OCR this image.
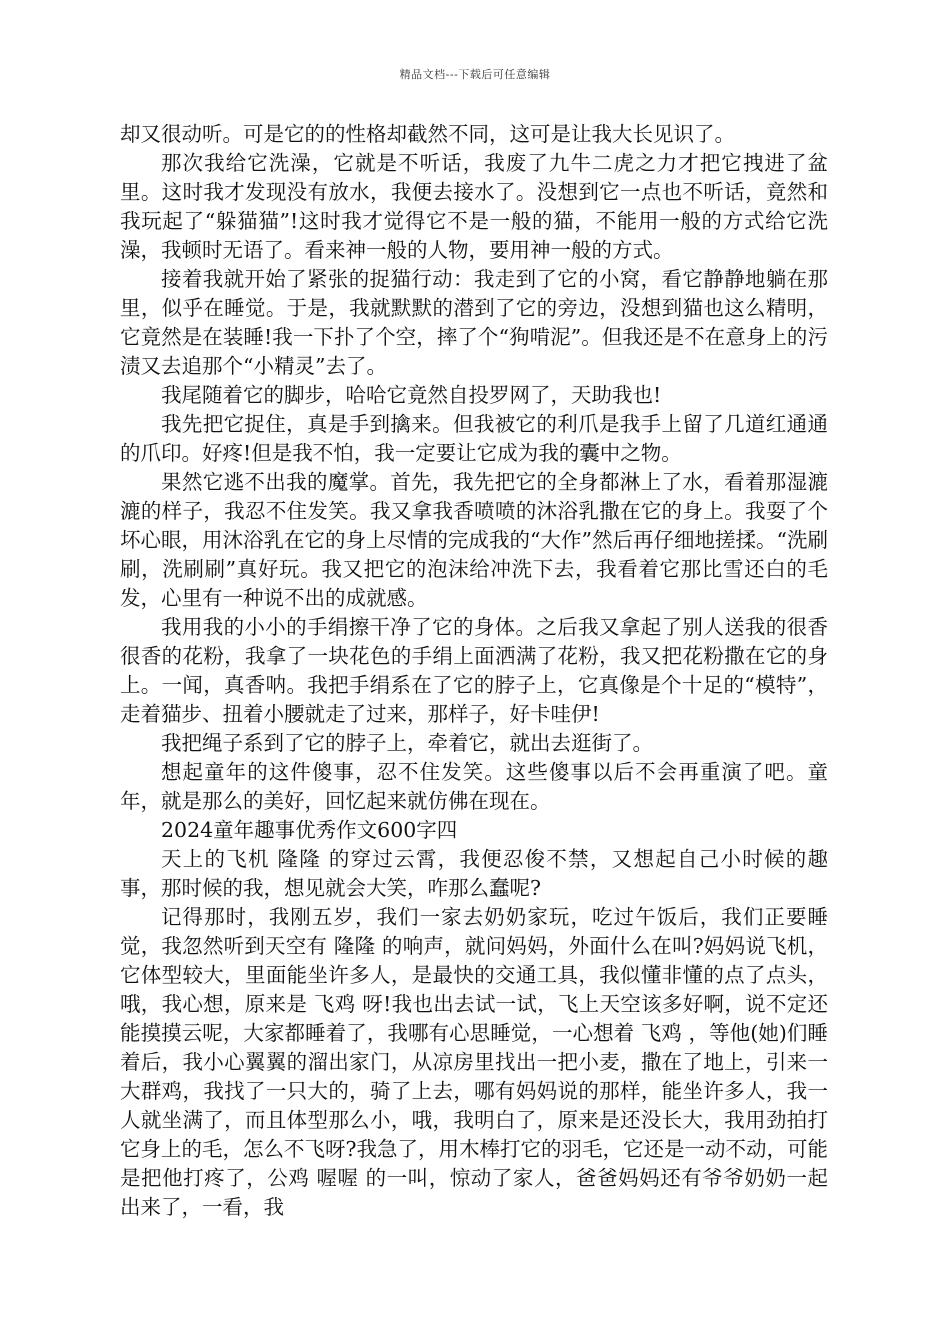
精品文档---下载后可任意编辑

却又很动听。可是它的的性格却截然不同，这可是让我大长见识了。

那次我给它洗澡，它就是不听话，我废了九牛二虎之力才把它拽进了盆里。这时我才发现没有放水，我便去接水了。没想到它一点也不听话，竟然和我玩起了“躲猫猫”!这时我才觉得它不是一般的猫，不能用一般的方式给它洗澡，我顿时无语了。看来神一般的人物，要用神一般的方式。

接着我就开始了紧张的捉猫行动：我走到了它的小窝，看它静静地躺在那里，似乎在睡觉。于是，我就默默的潜到了它的旁边，没想到猫也这么精明，它竟然是在装睡!我一下扑了个空，摔了个“狗啃泥”。但我还是不在意身上的污渍又去追那个“小精灵”去了。

我尾随着它的脚步，哈哈它竟然自投罗网了，天助我也!

我先把它捉住，真是手到擒来。但我被它的利爪是我手上留了几道红通通的爪印。好疼!但是我不怕，我一定要让它成为我的囊中之物。

果然它逃不出我的魔掌。首先，我先把它的全身都淋上了水，看着那湿漉漉的样子，我忍不住发笑。我又拿我香喷喷的沐浴乳撒在它的身上。我耍了个坏心眼，用沐浴乳在它的身上尽情的完成我的“大作”然后再仔细地搓揉。“洗刷刷，洗刷刷”真好玩。我又把它的泡沫给冲洗下去，我看着它那比雪还白的毛发，心里有一种说不出的成就感。

我用我的小小的手绢擦干净了它的身体。之后我又拿起了别人送我的很香很香的花粉，我拿了一块花色的手绢上面洒满了花粉，我又把花粉撒在它的身上。一闻，真香呐。我把手绢系在了它的脖子上，它真像是个十足的“模特”，走着猫步、扭着小腰就走了过来，那样子，好卡哇伊!

我把绳子系到了它的脖子上，牵着它，就出去逛街了。

想起童年的这件傻事，忍不住发笑。这些傻事以后不会再重演了吧。童年，就是那么的美好，回忆起来就仿佛在现在。

2024童年趣事优秀作文600字四

天上的飞机 隆隆 的穿过云霄，我便忍俊不禁，又想起自己小时候的趣事，那时候的我，想见就会大笑，咋那么蠢呢?

记得那时，我刚五岁，我们一家去奶奶家玩，吃过午饭后，我们正要睡觉，我忽然听到天空有 隆隆 的响声，就问妈妈，外面什么在叫?妈妈说飞机，它体型较大，里面能坐许多人，是最快的交通工具，我似懂非懂的点了点头，哦，我心想，原来是 飞鸡 呀!我也出去试一试，飞上天空该多好啊，说不定还能摸摸云呢，大家都睡着了，我哪有心思睡觉，一心想着 飞鸡 ，等他(她)们睡着后，我小心翼翼的溜出家门，从凉房里找出一把小麦，撒在了地上，引来一大群鸡，我找了一只大的，骑了上去，哪有妈妈说的那样，能坐许多人，我一人就坐满了，而且体型那么小，哦，我明白了，原来是还没长大，我用劲拍打它身上的毛，怎么不飞呀?我急了，用木棒打它的羽毛，它还是一动不动，可能是把他打疼了，公鸡 喔喔 的一叫，惊动了家人，爸爸妈妈还有爷爷奶奶一起出来了，一看，我
